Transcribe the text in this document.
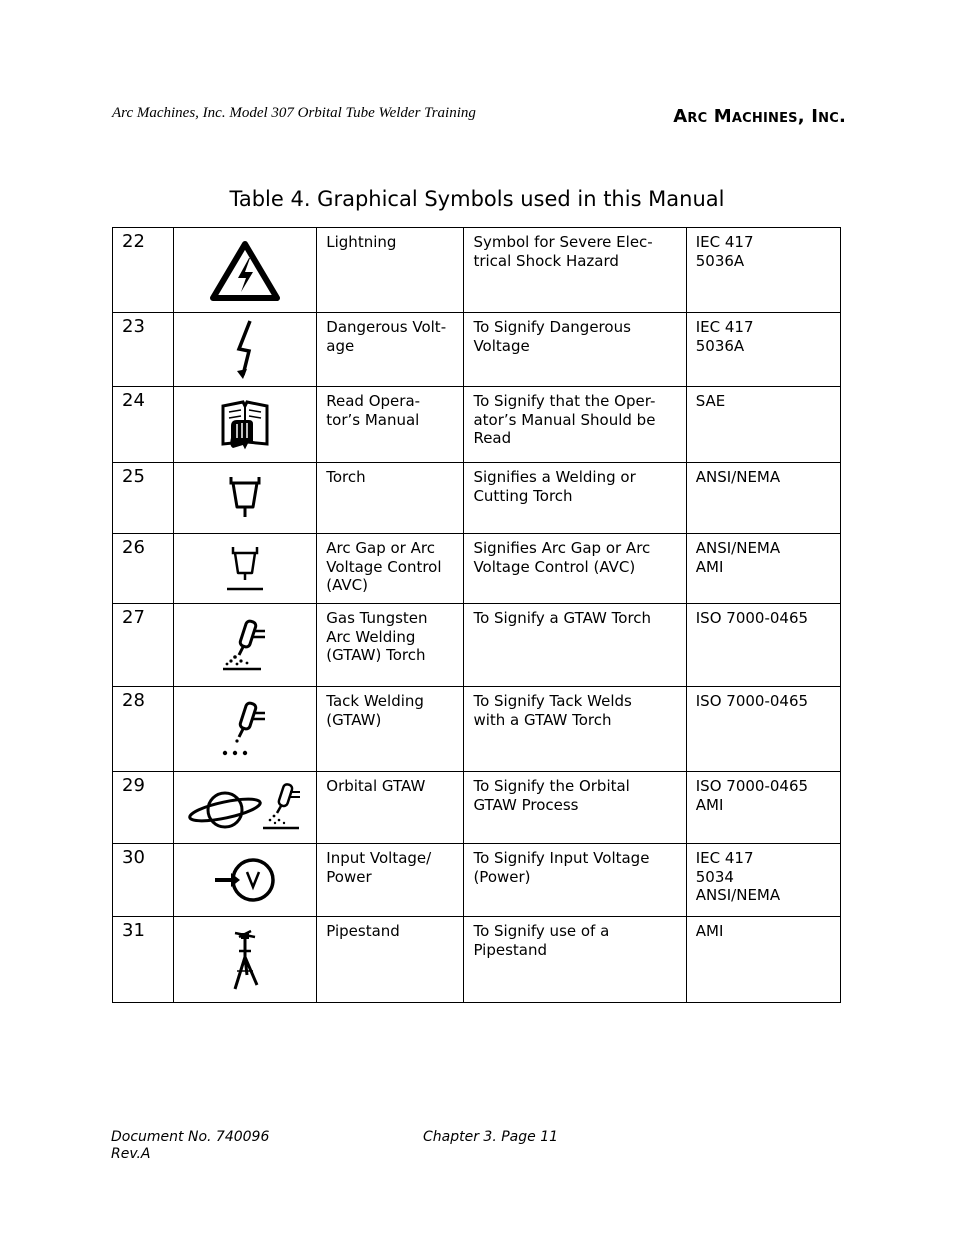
Arc Machines, Inc. Model 307 Orbital Tube Welder Training	Arc Machines, Inc.
Table 4. Graphical Symbols used in this Manual
22		Lightning	Symbol for Severe Elec-
trical Shock Hazard	IEC 417
5036A
23		Dangerous Volt-
age	To Signify Dangerous
Voltage	IEC 417
5036A
24		Read Opera-
tor’s Manual	To Signify that the Oper-
ator’s Manual Should be
Read	SAE
25		Torch	Signifies a Welding or
Cutting Torch	ANSI/NEMA
26		Arc Gap or Arc
Voltage Control
(AVC)	Signifies Arc Gap or Arc
Voltage Control (AVC)	ANSI/NEMA
AMI
27		Gas Tungsten
Arc Welding
(GTAW) Torch	To Signify a GTAW Torch	ISO 7000-0465
28		Tack Welding
(GTAW)	To Signify Tack Welds
with a GTAW Torch	ISO 7000-0465
29		Orbital GTAW	To Signify the Orbital
GTAW Process	ISO 7000-0465
AMI
30		Input Voltage/
Power	To Signify Input Voltage
(Power)	IEC 417
5034
ANSI/NEMA
31		Pipestand	To Signify use of a
Pipestand	AMI
Document No. 740096
Rev.A
Chapter 3. Page 11
